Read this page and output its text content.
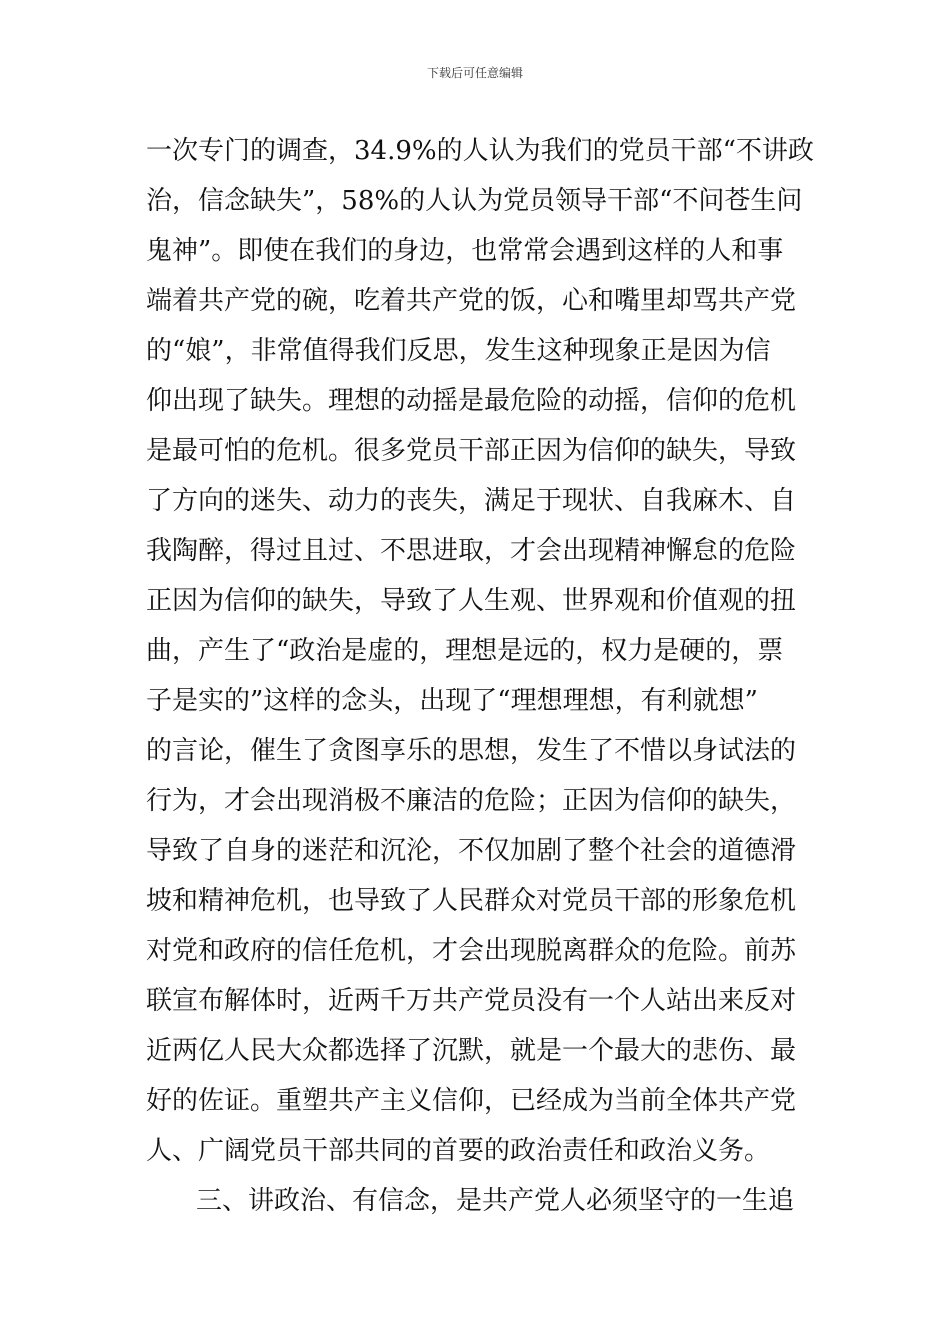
下载后可任意编辑
一次专门的调查，34.9%的人认为我们的党员干部“不讲政
治，信念缺失”，58%的人认为党员领导干部“不问苍生问
鬼神”。即使在我们的身边，也常常会遇到这样的人和事
端着共产党的碗，吃着共产党的饭，心和嘴里却骂共产党
的“娘”，非常值得我们反思，发生这种现象正是因为信
仰出现了缺失。理想的动摇是最危险的动摇，信仰的危机
是最可怕的危机。很多党员干部正因为信仰的缺失，导致
了方向的迷失、动力的丧失，满足于现状、自我麻木、自
我陶醉，得过且过、不思进取，才会出现精神懈怠的危险
正因为信仰的缺失，导致了人生观、世界观和价值观的扭
曲，产生了“政治是虚的，理想是远的，权力是硬的，票
子是实的”这样的念头，出现了“理想理想，有利就想”
的言论，催生了贪图享乐的思想，发生了不惜以身试法的
行为，才会出现消极不廉洁的危险；正因为信仰的缺失，
导致了自身的迷茫和沉沦，不仅加剧了整个社会的道德滑
坡和精神危机，也导致了人民群众对党员干部的形象危机
对党和政府的信任危机，才会出现脱离群众的危险。前苏
联宣布解体时，近两千万共产党员没有一个人站出来反对
近两亿人民大众都选择了沉默，就是一个最大的悲伤、最
好的佐证。重塑共产主义信仰，已经成为当前全体共产党
人、广阔党员干部共同的首要的政治责任和政治义务。
三、讲政治、有信念，是共产党人必须坚守的一生追
